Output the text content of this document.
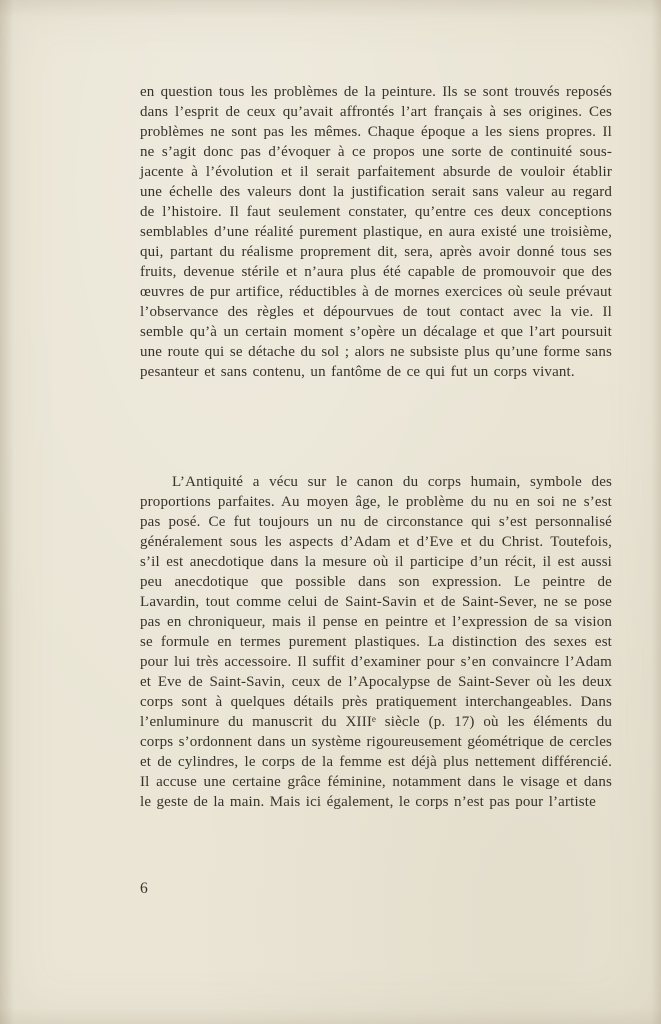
en question tous les problèmes de la peinture. Ils se sont trouvés reposés dans l’esprit de ceux qu’avait affrontés l’art français à ses origines. Ces problèmes ne sont pas les mêmes. Chaque époque a les siens propres. Il ne s’agit donc pas d’évoquer à ce propos une sorte de continuité sous-jacente à l’évolution et il serait parfaitement absurde de vouloir établir une échelle des valeurs dont la justification serait sans valeur au regard de l’histoire. Il faut seulement constater, qu’entre ces deux conceptions semblables d’une réalité purement plastique, en aura existé une troisième, qui, partant du réalisme proprement dit, sera, après avoir donné tous ses fruits, devenue stérile et n’aura plus été capable de promouvoir que des œuvres de pur artifice, réductibles à de mornes exercices où seule prévaut l’observance des règles et dépourvues de tout contact avec la vie. Il semble qu’à un certain moment s’opère un décalage et que l’art poursuit une route qui se détache du sol ; alors ne subsiste plus qu’une forme sans pesanteur et sans contenu, un fantôme de ce qui fut un corps vivant.

L’Antiquité a vécu sur le canon du corps humain, symbole des proportions parfaites. Au moyen âge, le problème du nu en soi ne s’est pas posé. Ce fut toujours un nu de circonstance qui s’est personnalisé généralement sous les aspects d’Adam et d’Eve et du Christ. Toutefois, s’il est anecdotique dans la mesure où il participe d’un récit, il est aussi peu anecdotique que possible dans son expression. Le peintre de Lavardin, tout comme celui de Saint-Savin et de Saint-Sever, ne se pose pas en chroniqueur, mais il pense en peintre et l’expression de sa vision se formule en termes purement plastiques. La distinction des sexes est pour lui très accessoire. Il suffit d’examiner pour s’en convaincre l’Adam et Eve de Saint-Savin, ceux de l’Apocalypse de Saint-Sever où les deux corps sont à quelques détails près pratiquement interchangeables. Dans l’enluminure du manuscrit du XIIIᵉ siècle (p. 17) où les éléments du corps s’ordonnent dans un système rigoureusement géométrique de cercles et de cylindres, le corps de la femme est déjà plus nettement différencié. Il accuse une certaine grâce féminine, notamment dans le visage et dans le geste de la main. Mais ici également, le corps n’est pas pour l’artiste

6
